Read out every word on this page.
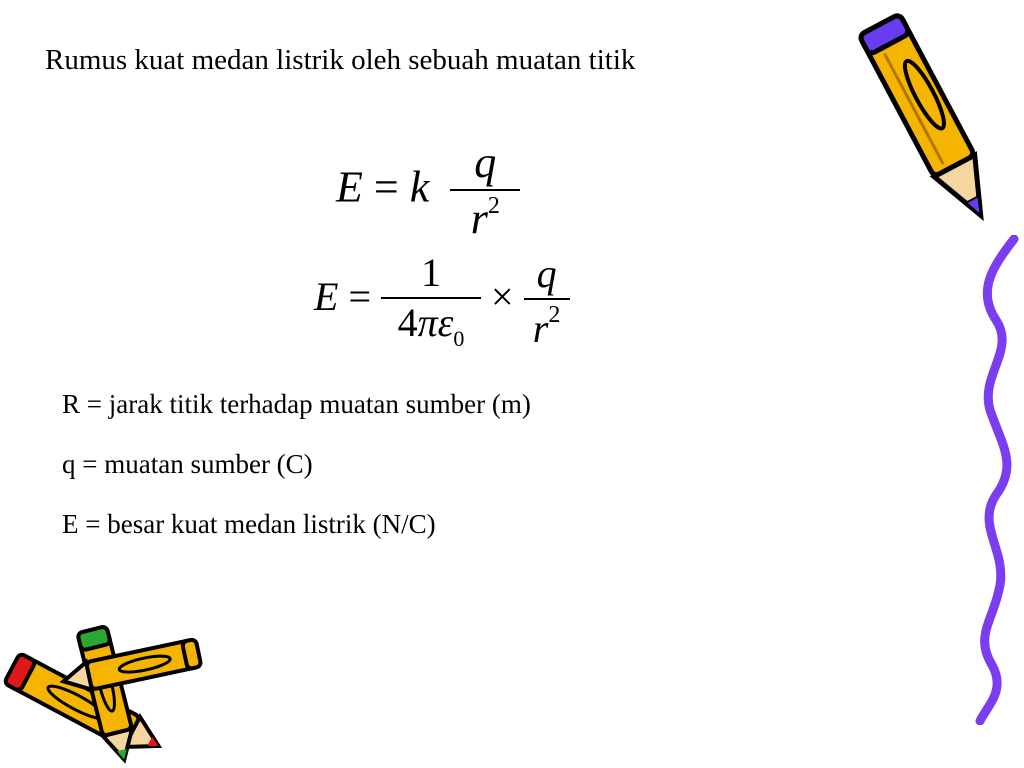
Rumus kuat medan listrik oleh sebuah muatan titik
E = k $\frac{q}{r^2}$
$E = \frac{1}{4\pi\varepsilon_0} \times \frac{q}{r^2}$
R = jarak titik terhadap muatan sumber (m)
q = muatan sumber (C)
E = besar kuat medan listrik (N/C)
